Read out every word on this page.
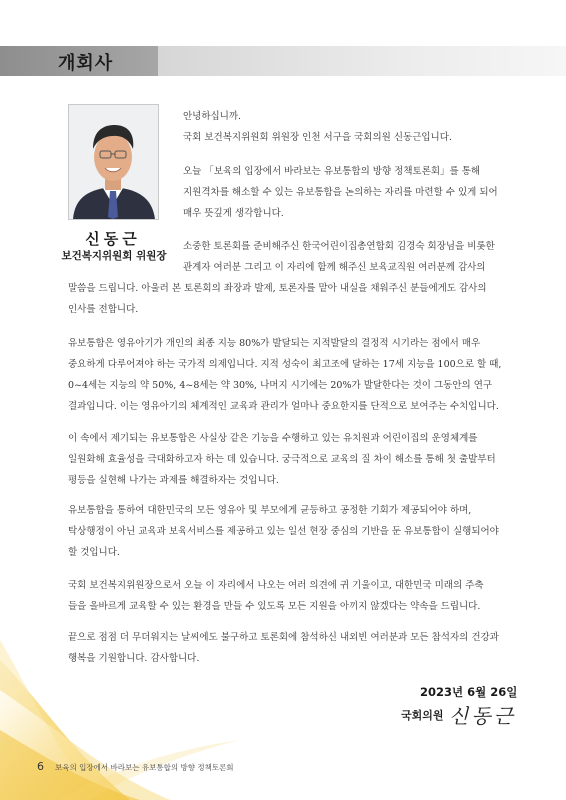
개회사
신동근
보건복지위원회 위원장
안녕하십니까.
국회 보건복지위원회 위원장 인천 서구을 국회의원 신동근입니다.
오늘 「보육의 입장에서 바라보는 유보통합의 방향 정책토론회」를 통해
지원격차를 해소할 수 있는 유보통합을 논의하는 자리를 마련할 수 있게 되어
매우 뜻깊게 생각합니다.
소중한 토론회를 준비해주신 한국어린이집총연합회 김경숙 회장님을 비롯한
관계자 여러분 그리고 이 자리에 함께 해주신 보육교직원 여러분께 감사의
말씀을 드립니다. 아울러 본 토론회의 좌장과 발제, 토론자를 맡아 내실을 채워주신 분들에게도 감사의
인사를 전합니다.
유보통합은 영유아기가 개인의 최종 지능 80%가 발달되는 지적발달의 결정적 시기라는 점에서 매우
중요하게 다루어져야 하는 국가적 의제입니다. 지적 성숙이 최고조에 달하는 17세 지능을 100으로 할 때,
0~4세는 지능의 약 50%, 4~8세는 약 30%, 나머지 시기에는 20%가 발달한다는 것이 그동안의 연구
결과입니다. 이는 영유아기의 체계적인 교육과 관리가 얼마나 중요한지를 단적으로 보여주는 수치입니다.
이 속에서 제기되는 유보통합은 사실상 같은 기능을 수행하고 있는 유치원과 어린이집의 운영체계를
일원화해 효율성을 극대화하고자 하는 데 있습니다. 궁극적으로 교육의 질 차이 해소를 통해 첫 출발부터
평등을 실현해 나가는 과제를 해결하자는 것입니다.
유보통합을 통하여 대한민국의 모든 영유아 및 부모에게 균등하고 공정한 기회가 제공되어야 하며,
탁상행정이 아닌 교육과 보육서비스를 제공하고 있는 일선 현장 중심의 기반을 둔 유보통합이 실행되어야
할 것입니다.
국회 보건복지위원장으로서 오늘 이 자리에서 나오는 여러 의견에 귀 기울이고, 대한민국 미래의 주축
들을 올바르게 교육할 수 있는 환경을 만들 수 있도록 모든 지원을 아끼지 않겠다는 약속을 드립니다.
끝으로 점점 더 무더워지는 날씨에도 불구하고 토론회에 참석하신 내외빈 여러분과 모든 참석자의 건강과
행복을 기원합니다. 감사합니다.
2023년 6월 26일
국회의원 신동근
6 보육의 입장에서 바라보는 유보통합의 방향 정책토론회
